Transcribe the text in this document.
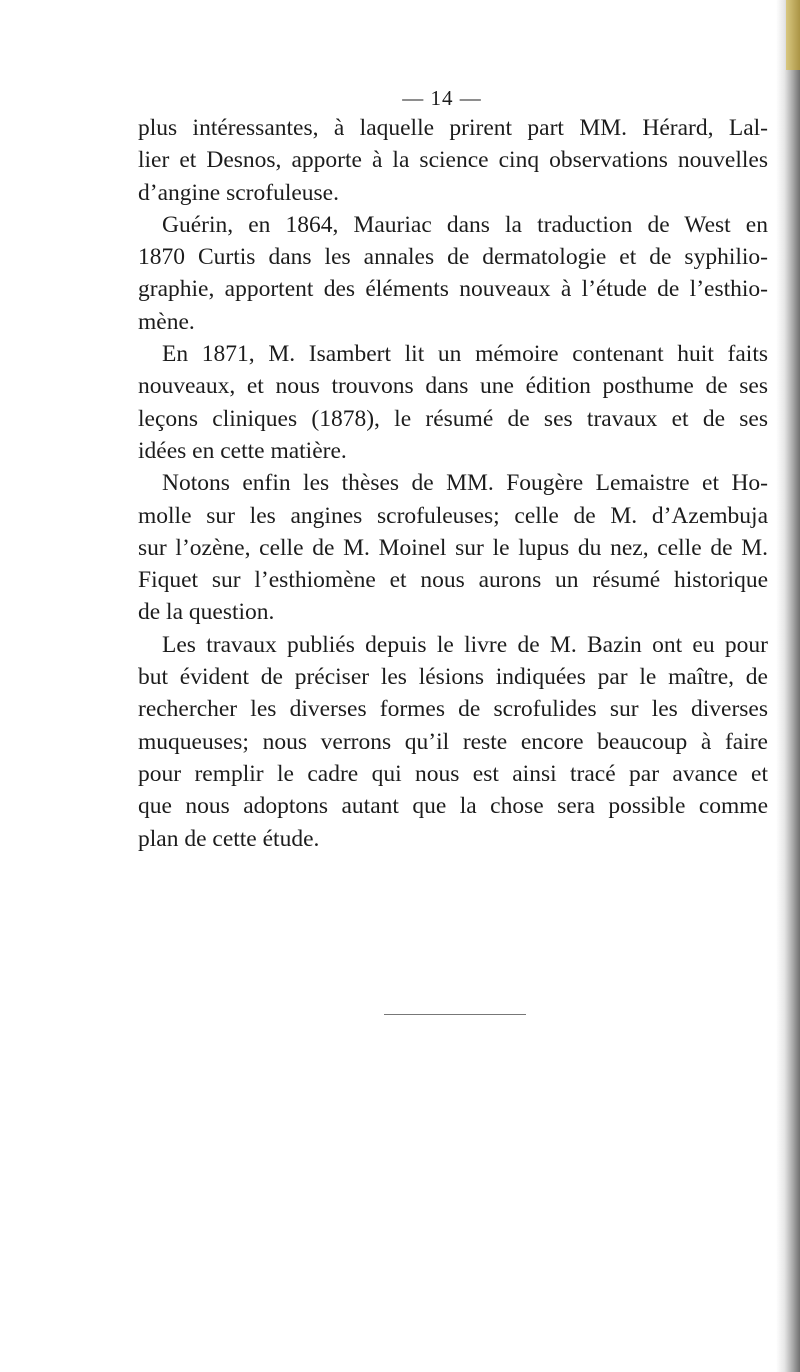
— 14 —
plus intéressantes, à laquelle prirent part MM. Hérard, Lal-
lier et Desnos, apporte à la science cinq observations nouvelles
d’angine scrofuleuse.
Guérin, en 1864, Mauriac dans la traduction de West en
1870 Curtis dans les annales de dermatologie et de syphilio-
graphie, apportent des éléments nouveaux à l’étude de l’esthio-
mène.
En 1871, M. Isambert lit un mémoire contenant huit faits
nouveaux, et nous trouvons dans une édition posthume de ses
leçons cliniques (1878), le résumé de ses travaux et de ses
idées en cette matière.
Notons enfin les thèses de MM. Fougère Lemaistre et Ho-
molle sur les angines scrofuleuses; celle de M. d’Azembuja
sur l’ozène, celle de M. Moinel sur le lupus du nez, celle de M.
Fiquet sur l’esthiomène et nous aurons un résumé historique
de la question.
Les travaux publiés depuis le livre de M. Bazin ont eu pour
but évident de préciser les lésions indiquées par le maître, de
rechercher les diverses formes de scrofulides sur les diverses
muqueuses; nous verrons qu’il reste encore beaucoup à faire
pour remplir le cadre qui nous est ainsi tracé par avance et
que nous adoptons autant que la chose sera possible comme
plan de cette étude.
